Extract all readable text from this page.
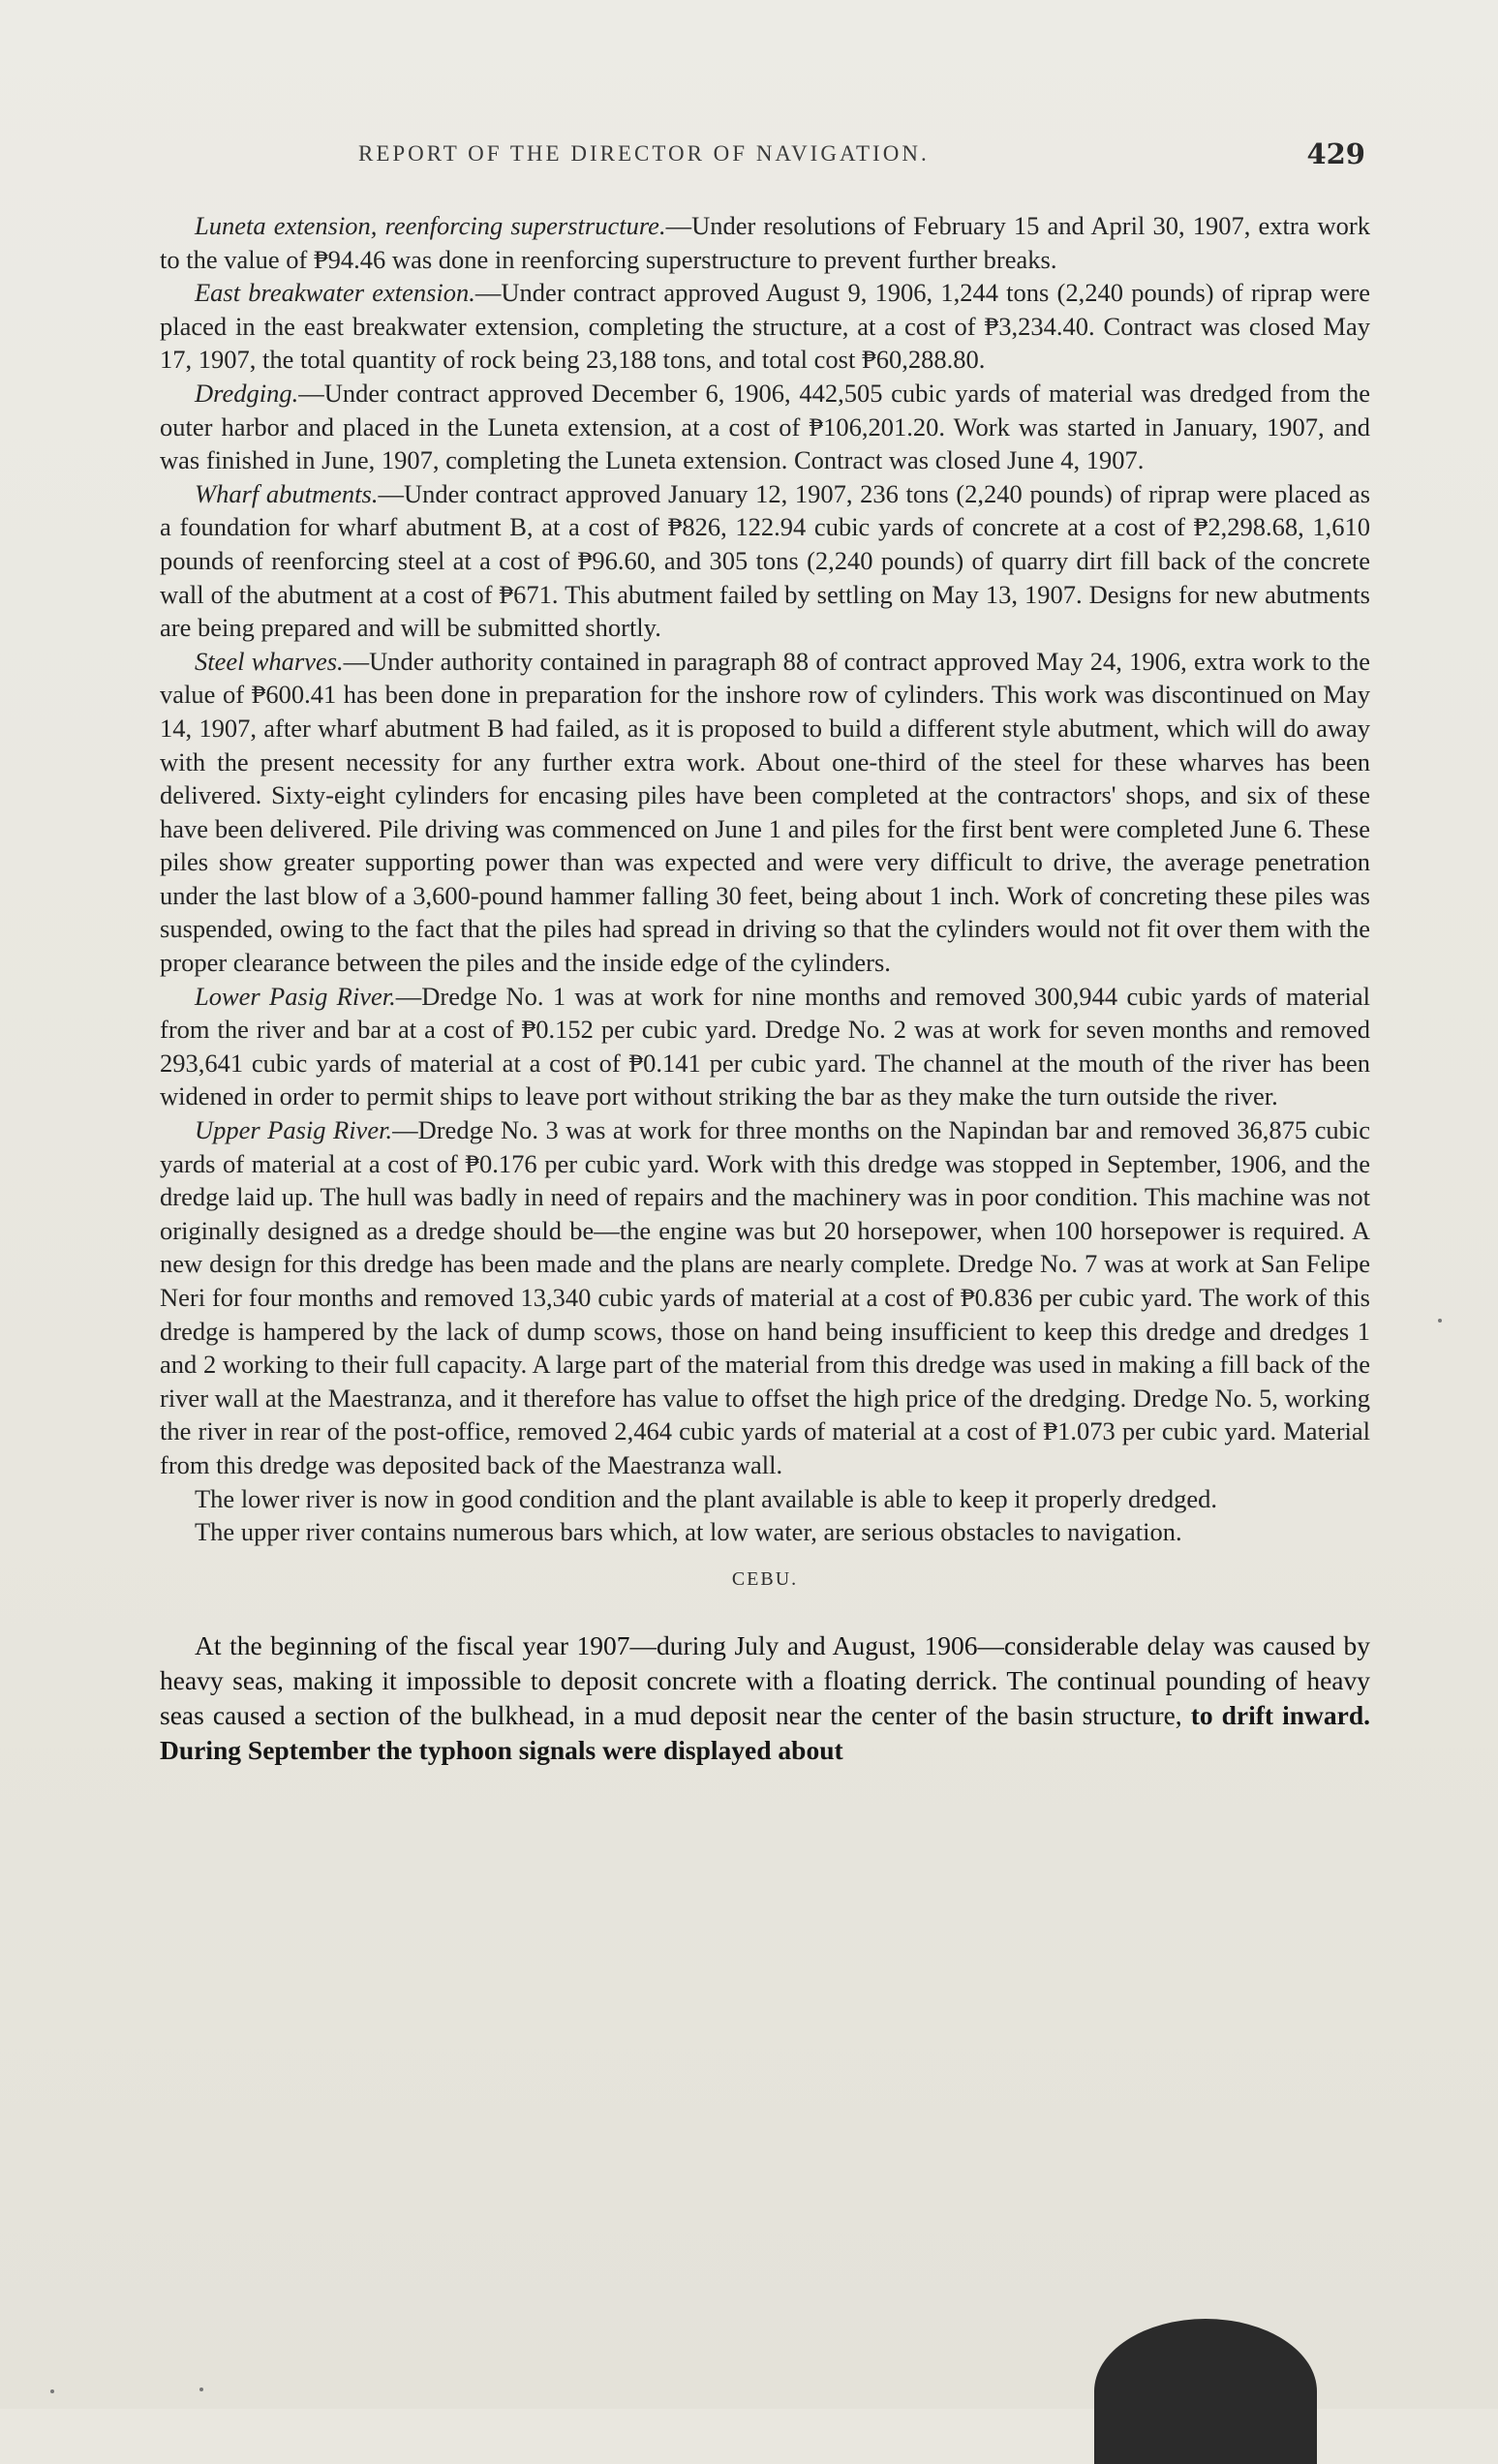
REPORT OF THE DIRECTOR OF NAVIGATION.	429

Luneta extension, reenforcing superstructure.—Under resolutions of February 15 and April 30, 1907, extra work to the value of ₱94.46 was done in reenforcing superstructure to prevent further breaks.

East breakwater extension.—Under contract approved August 9, 1906, 1,244 tons (2,240 pounds) of riprap were placed in the east breakwater extension, completing the structure, at a cost of ₱3,234.40. Contract was closed May 17, 1907, the total quantity of rock being 23,188 tons, and total cost ₱60,288.80.

Dredging.—Under contract approved December 6, 1906, 442,505 cubic yards of material was dredged from the outer harbor and placed in the Luneta extension, at a cost of ₱106,201.20. Work was started in January, 1907, and was finished in June, 1907, completing the Luneta extension. Contract was closed June 4, 1907.

Wharf abutments.—Under contract approved January 12, 1907, 236 tons (2,240 pounds) of riprap were placed as a foundation for wharf abutment B, at a cost of ₱826, 122.94 cubic yards of concrete at a cost of ₱2,298.68, 1,610 pounds of reenforcing steel at a cost of ₱96.60, and 305 tons (2,240 pounds) of quarry dirt fill back of the concrete wall of the abutment at a cost of ₱671. This abutment failed by settling on May 13, 1907. Designs for new abutments are being prepared and will be submitted shortly.

Steel wharves.—Under authority contained in paragraph 88 of contract approved May 24, 1906, extra work to the value of ₱600.41 has been done in preparation for the inshore row of cylinders. This work was discontinued on May 14, 1907, after wharf abutment B had failed, as it is proposed to build a different style abutment, which will do away with the present necessity for any further extra work. About one-third of the steel for these wharves has been delivered. Sixty-eight cylinders for encasing piles have been completed at the contractors' shops, and six of these have been delivered. Pile driving was commenced on June 1 and piles for the first bent were completed June 6. These piles show greater supporting power than was expected and were very difficult to drive, the average penetration under the last blow of a 3,600-pound hammer falling 30 feet, being about 1 inch. Work of concreting these piles was suspended, owing to the fact that the piles had spread in driving so that the cylinders would not fit over them with the proper clearance between the piles and the inside edge of the cylinders.

Lower Pasig River.—Dredge No. 1 was at work for nine months and removed 300,944 cubic yards of material from the river and bar at a cost of ₱0.152 per cubic yard. Dredge No. 2 was at work for seven months and removed 293,641 cubic yards of material at a cost of ₱0.141 per cubic yard. The channel at the mouth of the river has been widened in order to permit ships to leave port without striking the bar as they make the turn outside the river.

Upper Pasig River.—Dredge No. 3 was at work for three months on the Napindan bar and removed 36,875 cubic yards of material at a cost of ₱0.176 per cubic yard. Work with this dredge was stopped in September, 1906, and the dredge laid up. The hull was badly in need of repairs and the machinery was in poor condition. This machine was not originally designed as a dredge should be—the engine was but 20 horsepower, when 100 horsepower is required. A new design for this dredge has been made and the plans are nearly complete. Dredge No. 7 was at work at San Felipe Neri for four months and removed 13,340 cubic yards of material at a cost of ₱0.836 per cubic yard. The work of this dredge is hampered by the lack of dump scows, those on hand being insufficient to keep this dredge and dredges 1 and 2 working to their full capacity. A large part of the material from this dredge was used in making a fill back of the river wall at the Maestranza, and it therefore has value to offset the high price of the dredging. Dredge No. 5, working the river in rear of the post-office, removed 2,464 cubic yards of material at a cost of ₱1.073 per cubic yard. Material from this dredge was deposited back of the Maestranza wall.

The lower river is now in good condition and the plant available is able to keep it properly dredged.

The upper river contains numerous bars which, at low water, are serious obstacles to navigation.

CEBU.

At the beginning of the fiscal year 1907—during July and August, 1906—considerable delay was caused by heavy seas, making it impossible to deposit concrete with a floating derrick. The continual pounding of heavy seas caused a section of the bulkhead, in a mud deposit near the center of the basin structure, to drift inward. During September the typhoon signals were displayed about
